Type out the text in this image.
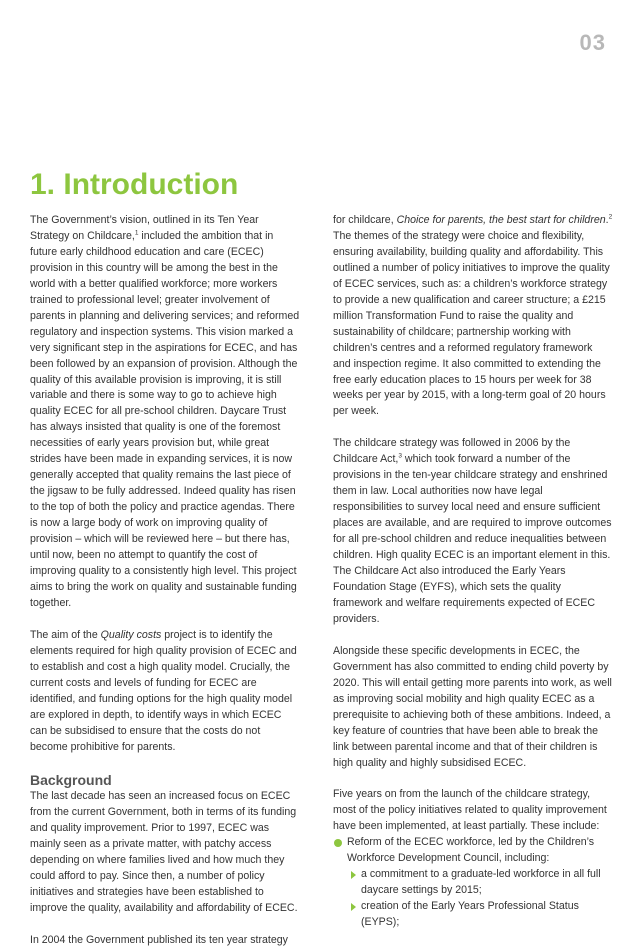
03
1. Introduction

The Government’s vision, outlined in its Ten Year Strategy on Childcare,$^1$ included the ambition that in future early childhood education and care (ECEC) provision in this country will be among the best in the world with a better qualified workforce; more workers trained to professional level; greater involvement of parents in planning and delivering services; and reformed regulatory and inspection systems. This vision marked a very significant step in the aspirations for ECEC, and has been followed by an expansion of provision. Although the quality of this available provision is improving, it is still variable and there is some way to go to achieve high quality ECEC for all pre-school children. Daycare Trust has always insisted that quality is one of the foremost necessities of early years provision but, while great strides have been made in expanding services, it is now generally accepted that quality remains the last piece of the jigsaw to be fully addressed. Indeed quality has risen to the top of both the policy and practice agendas. There is now a large body of work on improving quality of provision – which will be reviewed here – but there has, until now, been no attempt to quantify the cost of improving quality to a consistently high level. This project aims to bring the work on quality and sustainable funding together.

The aim of the Quality costs project is to identify the elements required for high quality provision of ECEC and to establish and cost a high quality model. Crucially, the current costs and levels of funding for ECEC are identified, and funding options for the high quality model are explored in depth, to identify ways in which ECEC can be subsidised to ensure that the costs do not become prohibitive for parents.

Background

The last decade has seen an increased focus on ECEC from the current Government, both in terms of its funding and quality improvement. Prior to 1997, ECEC was mainly seen as a private matter, with patchy access depending on where families lived and how much they could afford to pay. Since then, a number of policy initiatives and strategies have been established to improve the quality, availability and affordability of ECEC.

In 2004 the Government published its ten year strategy

for childcare, Choice for parents, the best start for children.$^2$ The themes of the strategy were choice and flexibility, ensuring availability, building quality and affordability. This outlined a number of policy initiatives to improve the quality of ECEC services, such as: a children’s workforce strategy to provide a new qualification and career structure; a £215 million Transformation Fund to raise the quality and sustainability of childcare; partnership working with children’s centres and a reformed regulatory framework and inspection regime. It also committed to extending the free early education places to 15 hours per week for 38 weeks per year by 2015, with a long-term goal of 20 hours per week.

The childcare strategy was followed in 2006 by the Childcare Act,$^3$ which took forward a number of the provisions in the ten-year childcare strategy and enshrined them in law. Local authorities now have legal responsibilities to survey local need and ensure sufficient places are available, and are required to improve outcomes for all pre-school children and reduce inequalities between children. High quality ECEC is an important element in this. The Childcare Act also introduced the Early Years Foundation Stage (EYFS), which sets the quality framework and welfare requirements expected of ECEC providers.

Alongside these specific developments in ECEC, the Government has also committed to ending child poverty by 2020. This will entail getting more parents into work, as well as improving social mobility and high quality ECEC as a prerequisite to achieving both of these ambitions. Indeed, a key feature of countries that have been able to break the link between parental income and that of their children is high quality and highly subsidised ECEC.

Five years on from the launch of the childcare strategy, most of the policy initiatives related to quality improvement have been implemented, at least partially. These include:

Reform of the ECEC workforce, led by the Children’s Workforce Development Council, including:
a commitment to a graduate-led workforce in all full daycare settings by 2015;
creation of the Early Years Professional Status (EYPS);
